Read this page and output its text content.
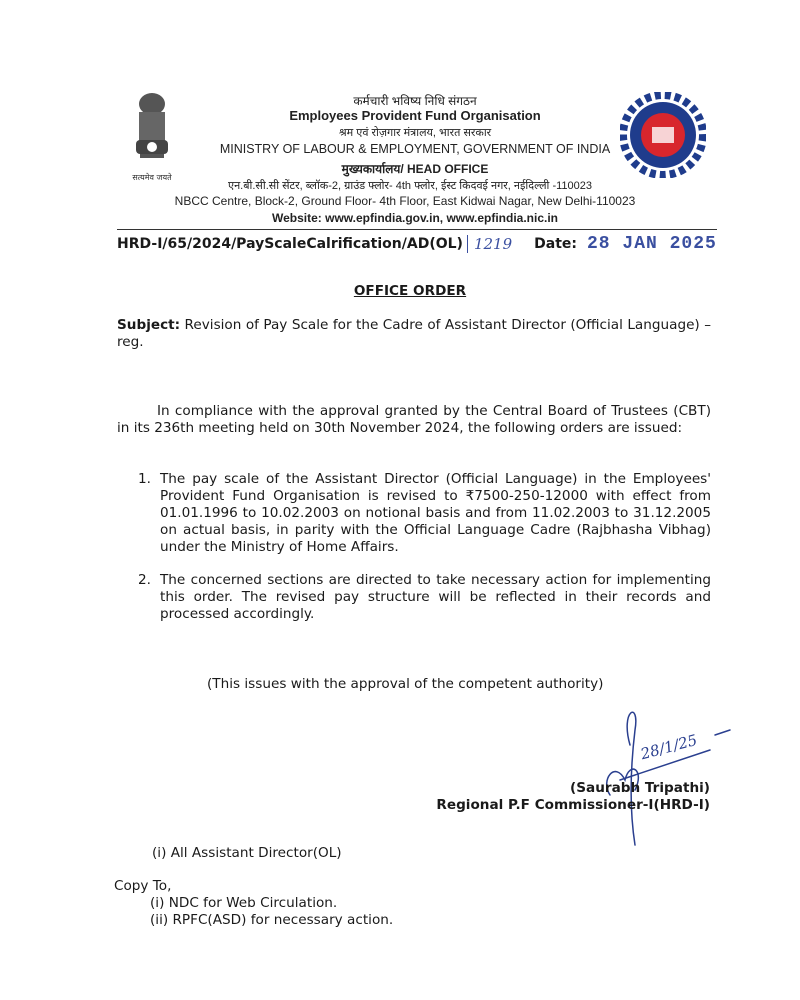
सत्यमेव जयते
कर्मचारी भविष्य निधि संगठन
Employees Provident Fund Organisation
श्रम एवं रोज़गार मंत्रालय, भारत सरकार
MINISTRY OF LABOUR & EMPLOYMENT, GOVERNMENT OF INDIA
मुख्यकार्यालय/ HEAD OFFICE
एन.बी.सी.सी सेंटर, ब्लॉक-2, ग्राउंड फ्लोर- 4th फ्लोर, ईस्ट किदवई नगर, नईदिल्ली -110023
NBCC Centre, Block-2, Ground Floor- 4th Floor, East Kidwai Nagar, New Delhi-110023
Website: www.epfindia.gov.in, www.epfindia.nic.in
HRD-I/65/2024/PayScaleCalrification/AD(OL) 1219	Date: 28 JAN 2025
OFFICE ORDER
Subject: Revision of Pay Scale for the Cadre of Assistant Director (Official Language) – reg.
In compliance with the approval granted by the Central Board of Trustees (CBT) in its 236th meeting held on 30th November 2024, the following orders are issued:
1. The pay scale of the Assistant Director (Official Language) in the Employees' Provident Fund Organisation is revised to ₹7500-250-12000 with effect from 01.01.1996 to 10.02.2003 on notional basis and from 11.02.2003 to 31.12.2005 on actual basis, in parity with the Official Language Cadre (Rajbhasha Vibhag) under the Ministry of Home Affairs.
2. The concerned sections are directed to take necessary action for implementing this order. The revised pay structure will be reflected in their records and processed accordingly.
(This issues with the approval of the competent authority)
28/1/25
(Saurabh Tripathi)
Regional P.F Commissioner-I(HRD-I)
(i) All Assistant Director(OL)
Copy To,
(i) NDC for Web Circulation.
(ii) RPFC(ASD) for necessary action.
